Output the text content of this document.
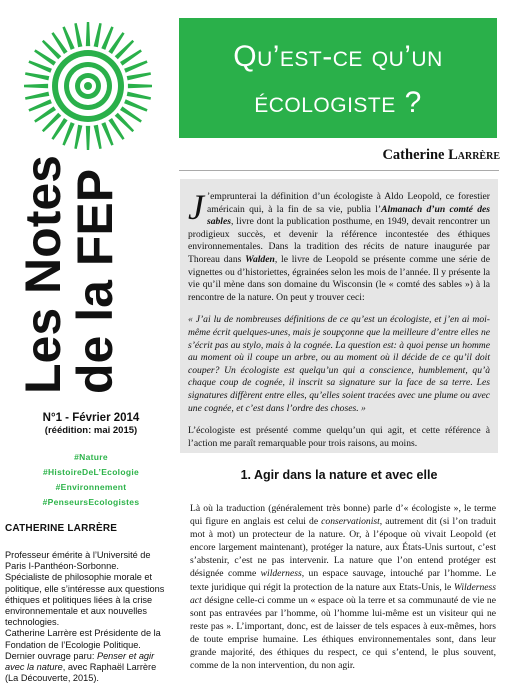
Les Notes
de la FEP
N°1 - Février 2014
(réédition: mai 2015)
#Nature
#HistoireDeL’Ecologie
#Environnement
#PenseursEcologistes
CATHERINE LARRÈRE
Professeur émérite à l’Université de Paris I-Panthéon-Sorbonne. Spécialiste de philosophie morale et politique, elle s’intéresse aux questions éthiques et politiques liées à la crise environnementale et aux nouvelles technologies.
Catherine Larrère est Présidente de la Fondation de l’Ecologie Politique. Dernier ouvrage paru: Penser et agir avec la nature, avec Raphaël Larrère (La Découverte, 2015).
Qu’est-ce qu’un écologiste ?
Catherine Larrère
J ’emprunterai la définition d’un écologiste à Aldo Leopold, ce forestier américain qui, à la fin de sa vie, publia l’Almanach d’un comté des sables, livre dont la publication posthume, en 1949, devait rencontrer un prodigieux succès, et devenir la référence incontestée des éthiques environnementales. Dans la tradition des récits de nature inaugurée par Thoreau dans Walden, le livre de Leopold se présente comme une série de vignettes ou d’historiettes, égrainées selon les mois de l’année. Il y présente la vie qu’il mène dans son domaine du Wisconsin (le « comté des sables ») à la rencontre de la nature. On peut y trouver ceci:
« J’ai lu de nombreuses définitions de ce qu’est un écologiste, et j’en ai moi-même écrit quelques-unes, mais je soupçonne que la meilleure d’entre elles ne s’écrit pas au stylo, mais à la cognée. La question est: à quoi pense un homme au moment où il coupe un arbre, ou au moment où il décide de ce qu’il doit couper? Un écologiste est quelqu’un qui a conscience, humblement, qu’à chaque coup de cognée, il inscrit sa signature sur la face de sa terre. Les signatures diffèrent entre elles, qu’elles soient tracées avec une plume ou avec une cognée, et c’est dans l’ordre des choses. »
L’écologiste est présenté comme quelqu’un qui agit, et cette référence à l’action me paraît remarquable pour trois raisons, au moins.
1. Agir dans la nature et avec elle
Là où la traduction (généralement très bonne) parle d’« écologiste », le terme qui figure en anglais est celui de conservationist, autrement dit (si l’on traduit mot à mot) un protecteur de la nature. Or, à l’époque où vivait Leopold (et encore largement maintenant), protéger la nature, aux États-Unis surtout, c’est s’abstenir, c’est ne pas intervenir. La nature que l’on entend protéger est désignée comme wilderness, un espace sauvage, intouché par l’homme. Le texte juridique qui régit la protection de la nature aux Etats-Unis, le Wilderness act désigne celle-ci comme un « espace où la terre et sa communauté de vie ne sont pas entravées par l’homme, où l’homme lui-même est un visiteur qui ne reste pas ». L’important, donc, est de laisser de tels espaces à eux-mêmes, hors de toute emprise humaine. Les éthiques environnementales sont, dans leur grande majorité, des éthiques du respect, ce qui s’entend, le plus souvent, comme de la non intervention, du non agir.
